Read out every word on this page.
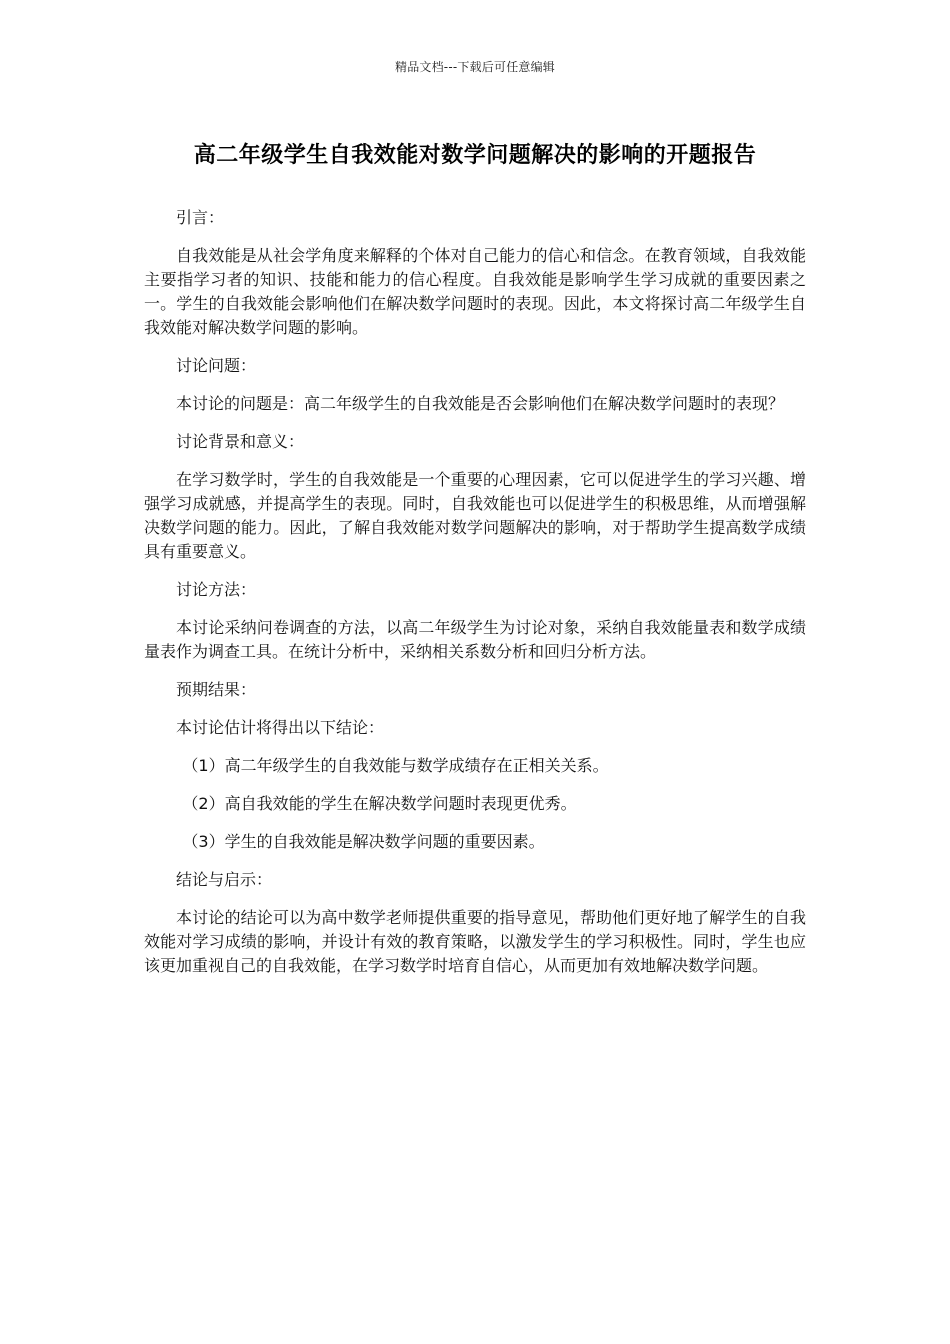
精品文档---下载后可任意编辑
高二年级学生自我效能对数学问题解决的影响的开题报告

引言：

自我效能是从社会学角度来解释的个体对自己能力的信心和信念。在教育领域，自我效能主要指学习者的知识、技能和能力的信心程度。自我效能是影响学生学习成就的重要因素之一。学生的自我效能会影响他们在解决数学问题时的表现。因此，本文将探讨高二年级学生自我效能对解决数学问题的影响。

讨论问题：

本讨论的问题是：高二年级学生的自我效能是否会影响他们在解决数学问题时的表现？

讨论背景和意义：

在学习数学时，学生的自我效能是一个重要的心理因素，它可以促进学生的学习兴趣、增强学习成就感，并提高学生的表现。同时，自我效能也可以促进学生的积极思维，从而增强解决数学问题的能力。因此，了解自我效能对数学问题解决的影响，对于帮助学生提高数学成绩具有重要意义。

讨论方法：

本讨论采纳问卷调查的方法，以高二年级学生为讨论对象，采纳自我效能量表和数学成绩量表作为调查工具。在统计分析中，采纳相关系数分析和回归分析方法。

预期结果：

本讨论估计将得出以下结论：

（1）高二年级学生的自我效能与数学成绩存在正相关关系。

（2）高自我效能的学生在解决数学问题时表现更优秀。

（3）学生的自我效能是解决数学问题的重要因素。

结论与启示：

本讨论的结论可以为高中数学老师提供重要的指导意见，帮助他们更好地了解学生的自我效能对学习成绩的影响，并设计有效的教育策略，以激发学生的学习积极性。同时，学生也应该更加重视自己的自我效能，在学习数学时培育自信心，从而更加有效地解决数学问题。
